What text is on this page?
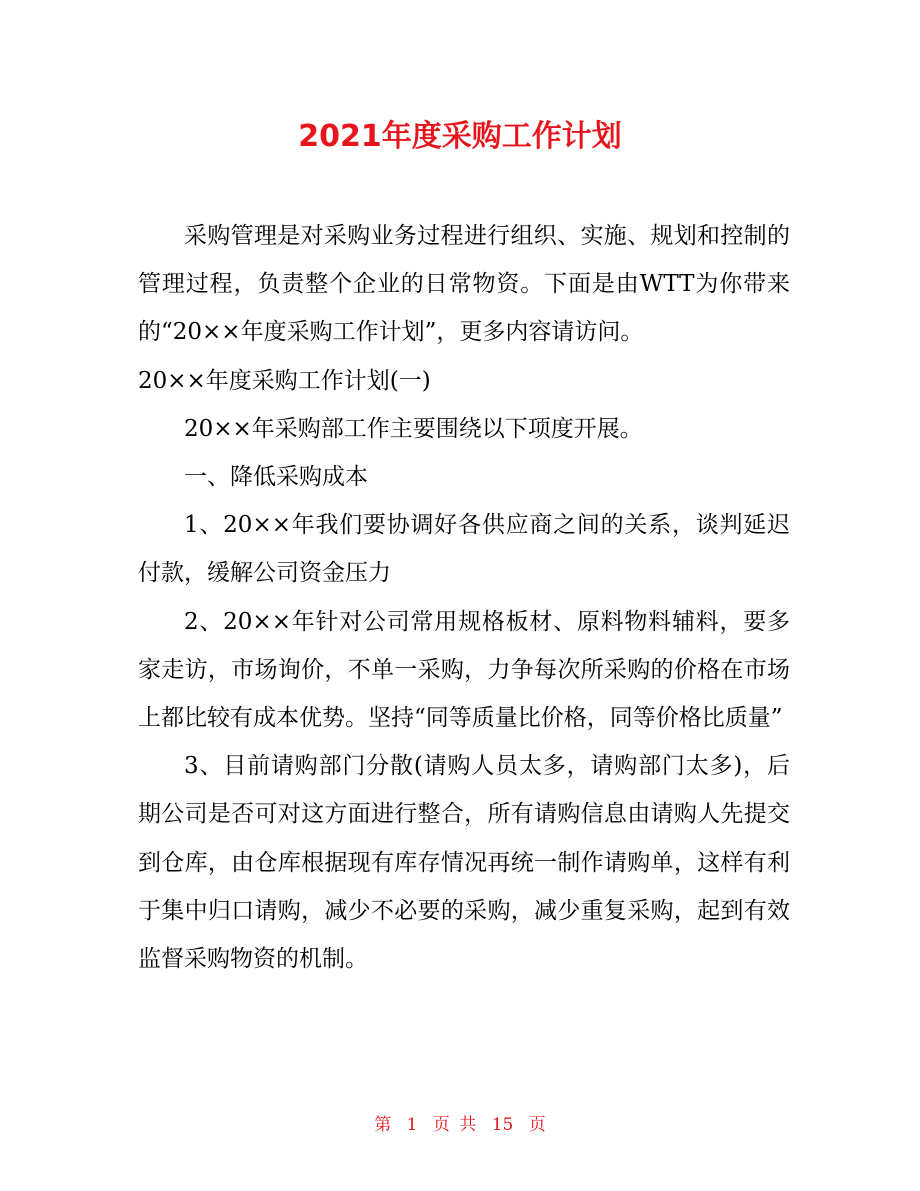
2021年度采购工作计划

采购管理是对采购业务过程进行组织、实施、规划和控制的管理过程，负责整个企业的日常物资。下面是由WTT为你带来的“20××年度采购工作计划”，更多内容请访问。

20××年度采购工作计划(一)

20××年采购部工作主要围绕以下项度开展。

一、降低采购成本

1、20××年我们要协调好各供应商之间的关系，谈判延迟付款，缓解公司资金压力

2、20××年针对公司常用规格板材、原料物料辅料，要多家走访，市场询价，不单一采购，力争每次所采购的价格在市场上都比较有成本优势。坚持“同等质量比价格，同等价格比质量”

3、目前请购部门分散(请购人员太多，请购部门太多)，后期公司是否可对这方面进行整合，所有请购信息由请购人先提交到仓库，由仓库根据现有库存情况再统一制作请购单，这样有利于集中归口请购，减少不必要的采购，减少重复采购，起到有效监督采购物资的机制。

第 1 页 共 15 页
